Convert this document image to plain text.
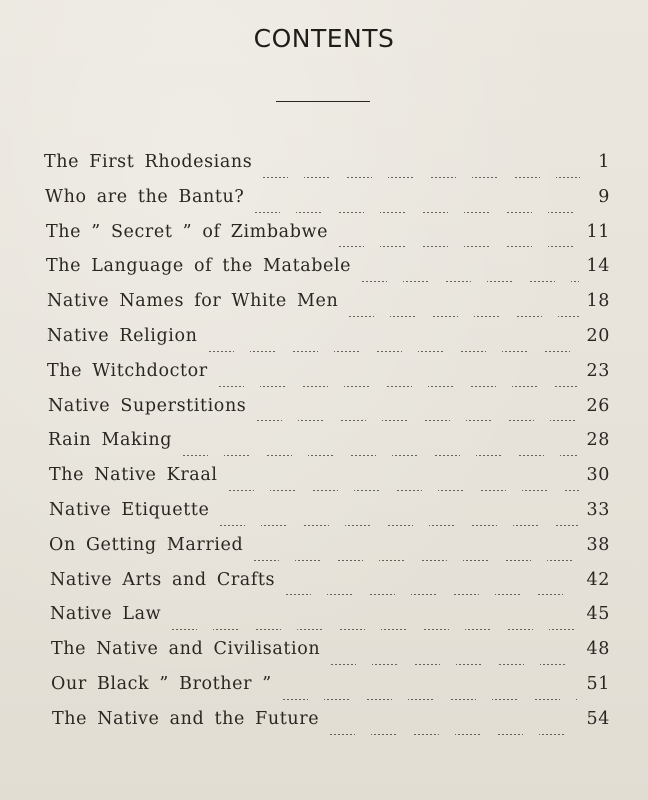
CONTENTS
The First Rhodesians	1
Who are the Bantu?	9
The ” Secret ” of Zimbabwe	11
The Language of the Matabele	14
Native Names for White Men	18
Native Religion	20
The Witchdoctor	23
Native Superstitions	26
Rain Making	28
The Native Kraal	30
Native Etiquette	33
On Getting Married	38
Native Arts and Crafts	42
Native Law	45
The Native and Civilisation	48
Our Black ” Brother ”	51
The Native and the Future	54
